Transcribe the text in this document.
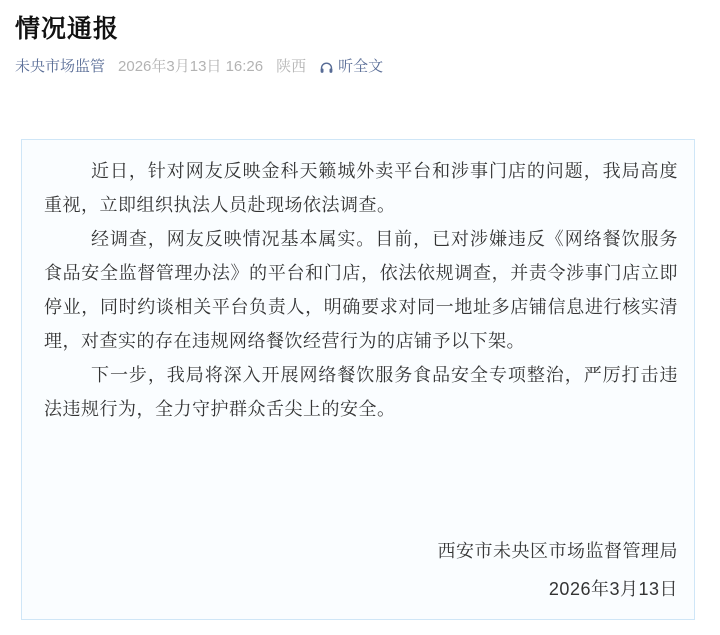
情况通报
未央市场监管 2026年3月13日 16:26 陕西 听全文

近日，针对网友反映金科天籁城外卖平台和涉事门店的问题，我局高度重视，立即组织执法人员赴现场依法调查。

经调查，网友反映情况基本属实。目前，已对涉嫌违反《网络餐饮服务食品安全监督管理办法》的平台和门店，依法依规调查，并责令涉事门店立即停业，同时约谈相关平台负责人，明确要求对同一地址多店铺信息进行核实清理，对查实的存在违规网络餐饮经营行为的店铺予以下架。

下一步，我局将深入开展网络餐饮服务食品安全专项整治，严厉打击违法违规行为，全力守护群众舌尖上的安全。

西安市未央区市场监督管理局

2026年3月13日
